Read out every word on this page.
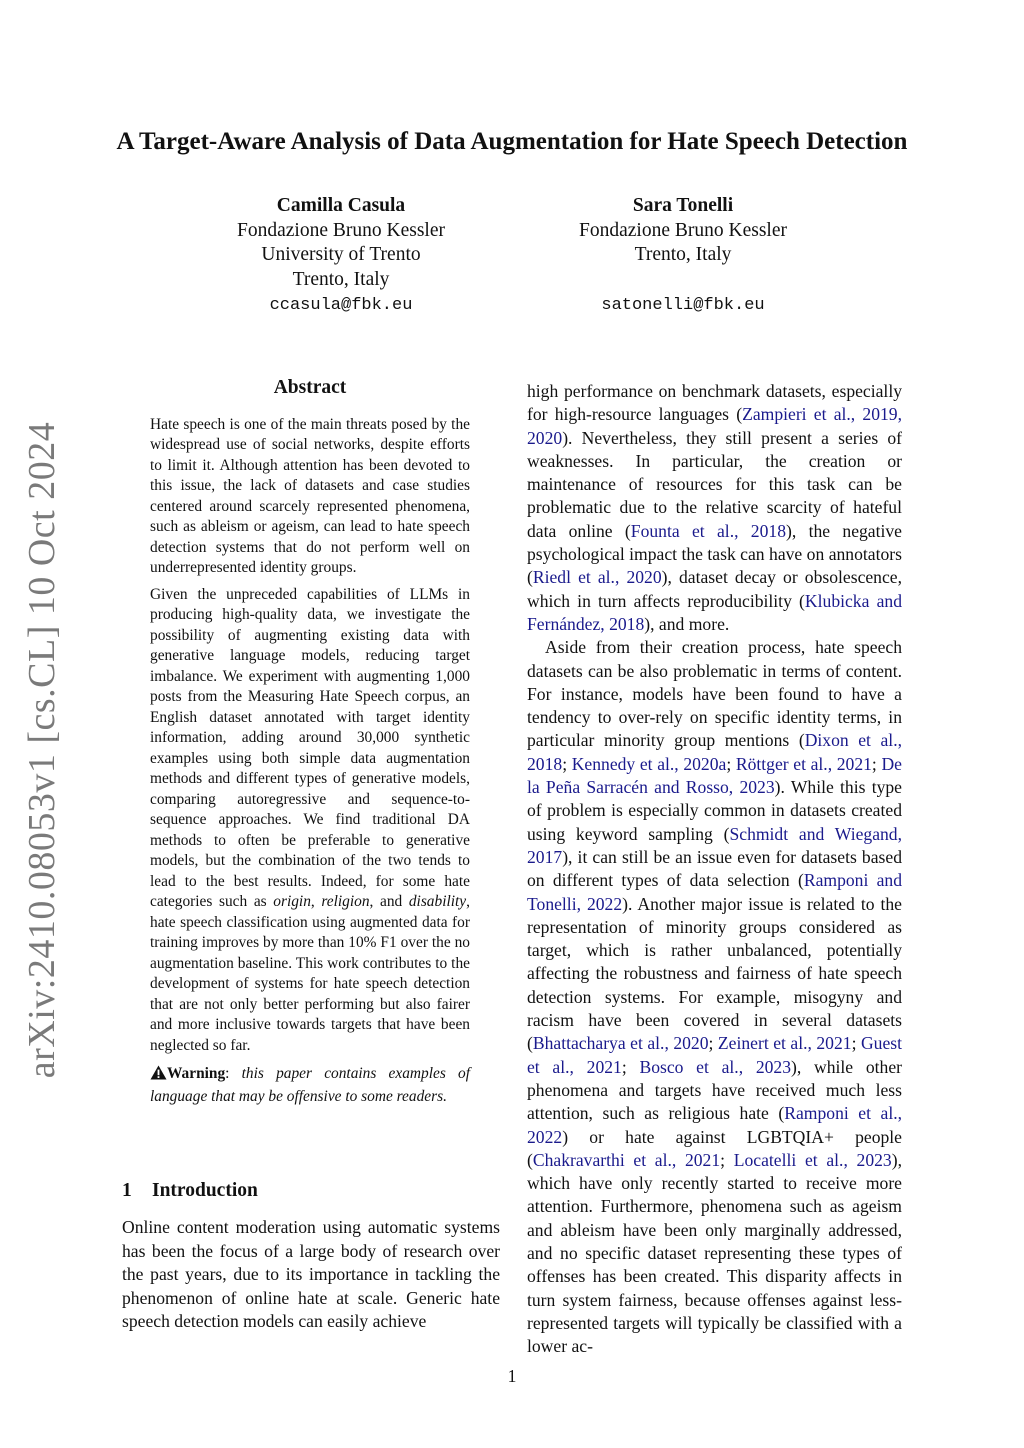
arXiv:2410.08053v1 [cs.CL] 10 Oct 2024
A Target-Aware Analysis of Data Augmentation for Hate Speech Detection
Camilla Casula
Fondazione Bruno Kessler
University of Trento
Trento, Italy
ccasula@fbk.eu
Sara Tonelli
Fondazione Bruno Kessler
Trento, Italy
satonelli@fbk.eu
Abstract

Hate speech is one of the main threats posed by the widespread use of social networks, despite efforts to limit it. Although attention has been devoted to this issue, the lack of datasets and case studies centered around scarcely represented phenomena, such as ableism or ageism, can lead to hate speech detection systems that do not perform well on underrepresented identity groups.

Given the unpreceded capabilities of LLMs in producing high-quality data, we investigate the possibility of augmenting existing data with generative language models, reducing target imbalance. We experiment with augmenting 1,000 posts from the Measuring Hate Speech corpus, an English dataset annotated with target identity information, adding around 30,000 synthetic examples using both simple data augmentation methods and different types of generative models, comparing autoregressive and sequence-to-sequence approaches. We find traditional DA methods to often be preferable to generative models, but the combination of the two tends to lead to the best results. Indeed, for some hate categories such as origin, religion, and disability, hate speech classification using augmented data for training improves by more than 10% F1 over the no augmentation baseline. This work contributes to the development of systems for hate speech detection that are not only better performing but also fairer and more inclusive towards targets that have been neglected so far.

Warning: this paper contains examples of language that may be offensive to some readers.

1 Introduction

Online content moderation using automatic systems has been the focus of a large body of research over the past years, due to its importance in tackling the phenomenon of online hate at scale. Generic hate speech detection models can easily achieve

high performance on benchmark datasets, especially for high-resource languages (Zampieri et al., 2019, 2020). Nevertheless, they still present a series of weaknesses. In particular, the creation or maintenance of resources for this task can be problematic due to the relative scarcity of hateful data online (Founta et al., 2018), the negative psychological impact the task can have on annotators (Riedl et al., 2020), dataset decay or obsolescence, which in turn affects reproducibility (Klubicka and Fernández, 2018), and more.

Aside from their creation process, hate speech datasets can be also problematic in terms of content. For instance, models have been found to have a tendency to over-rely on specific identity terms, in particular minority group mentions (Dixon et al., 2018; Kennedy et al., 2020a; Röttger et al., 2021; De la Peña Sarracén and Rosso, 2023). While this type of problem is especially common in datasets created using keyword sampling (Schmidt and Wiegand, 2017), it can still be an issue even for datasets based on different types of data selection (Ramponi and Tonelli, 2022). Another major issue is related to the representation of minority groups considered as target, which is rather unbalanced, potentially affecting the robustness and fairness of hate speech detection systems. For example, misogyny and racism have been covered in several datasets (Bhattacharya et al., 2020; Zeinert et al., 2021; Guest et al., 2021; Bosco et al., 2023), while other phenomena and targets have received much less attention, such as religious hate (Ramponi et al., 2022) or hate against LGBTQIA+ people (Chakravarthi et al., 2021; Locatelli et al., 2023), which have only recently started to receive more attention. Furthermore, phenomena such as ageism and ableism have been only marginally addressed, and no specific dataset representing these types of offenses has been created. This disparity affects in turn system fairness, because offenses against less-represented targets will typically be classified with a lower ac-

1
